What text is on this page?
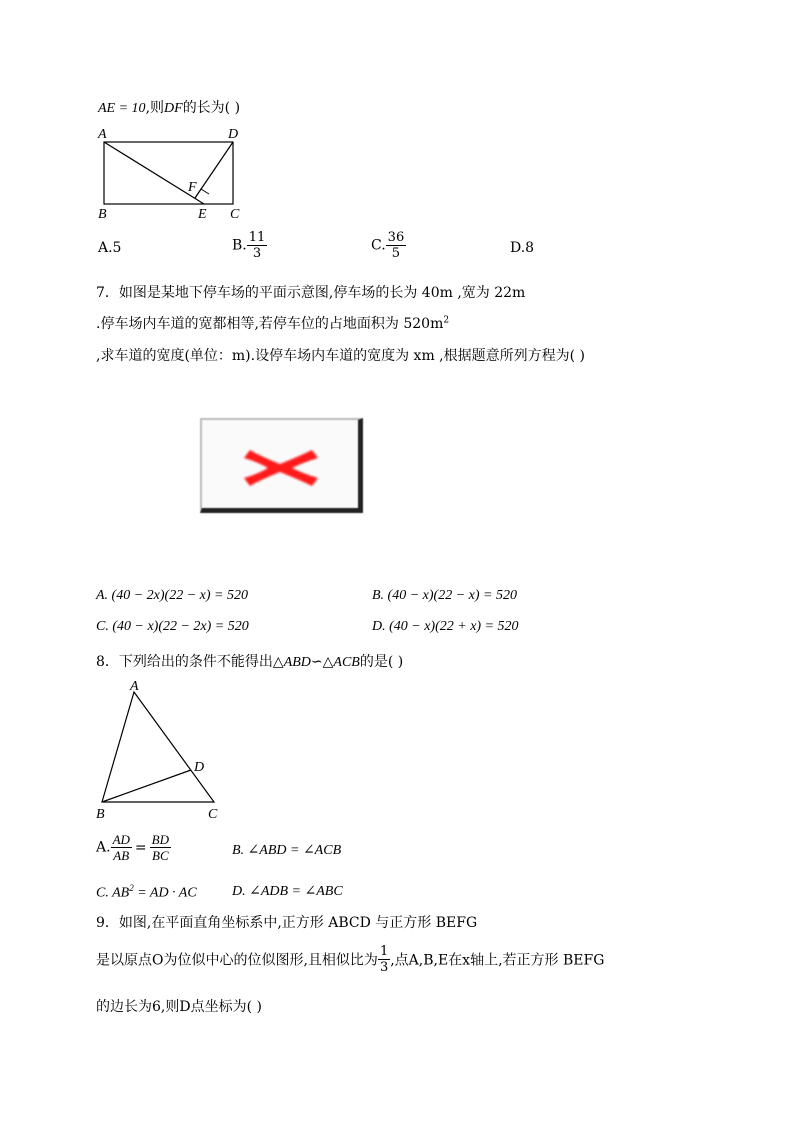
AE = 10,则DF的长为( )
A	D
F
B	E C
A.5	B. $\frac{11}{3}$	C. $\frac{36}{5}$	D.8
7．如图是某地下停车场的平面示意图,停车场的长为 40m ,宽为 22m
.停车场内车道的宽都相等,若停车位的占地面积为 $520m^2$
,求车道的宽度(单位：m).设停车场内车道的宽度为 xm ,根据题意所列方程为( )
A. (40 − 2x)(22 − x) = 520	B. (40 − x)(22 − x) = 520
C. (40 − x)(22 − 2x) = 520	D. (40 − x)(22 + x) = 520
8．下列给出的条件不能得出△ABD∽△ACB的是( )
A
D
B	C
A. $\frac{AD}{AB} = \frac{BD}{BC}$	B. ∠ABD = ∠ACB
C. $AB^2$ = AD · AC	D. ∠ADB = ∠ABC
9．如图,在平面直角坐标系中,正方形 ABCD 与正方形 BEFG
是以原点O为位似中心的位似图形,且相似比为 $\frac{1}{3}$ ,点A,B,E在x轴上,若正方形 BEFG
的边长为6,则D点坐标为( )
